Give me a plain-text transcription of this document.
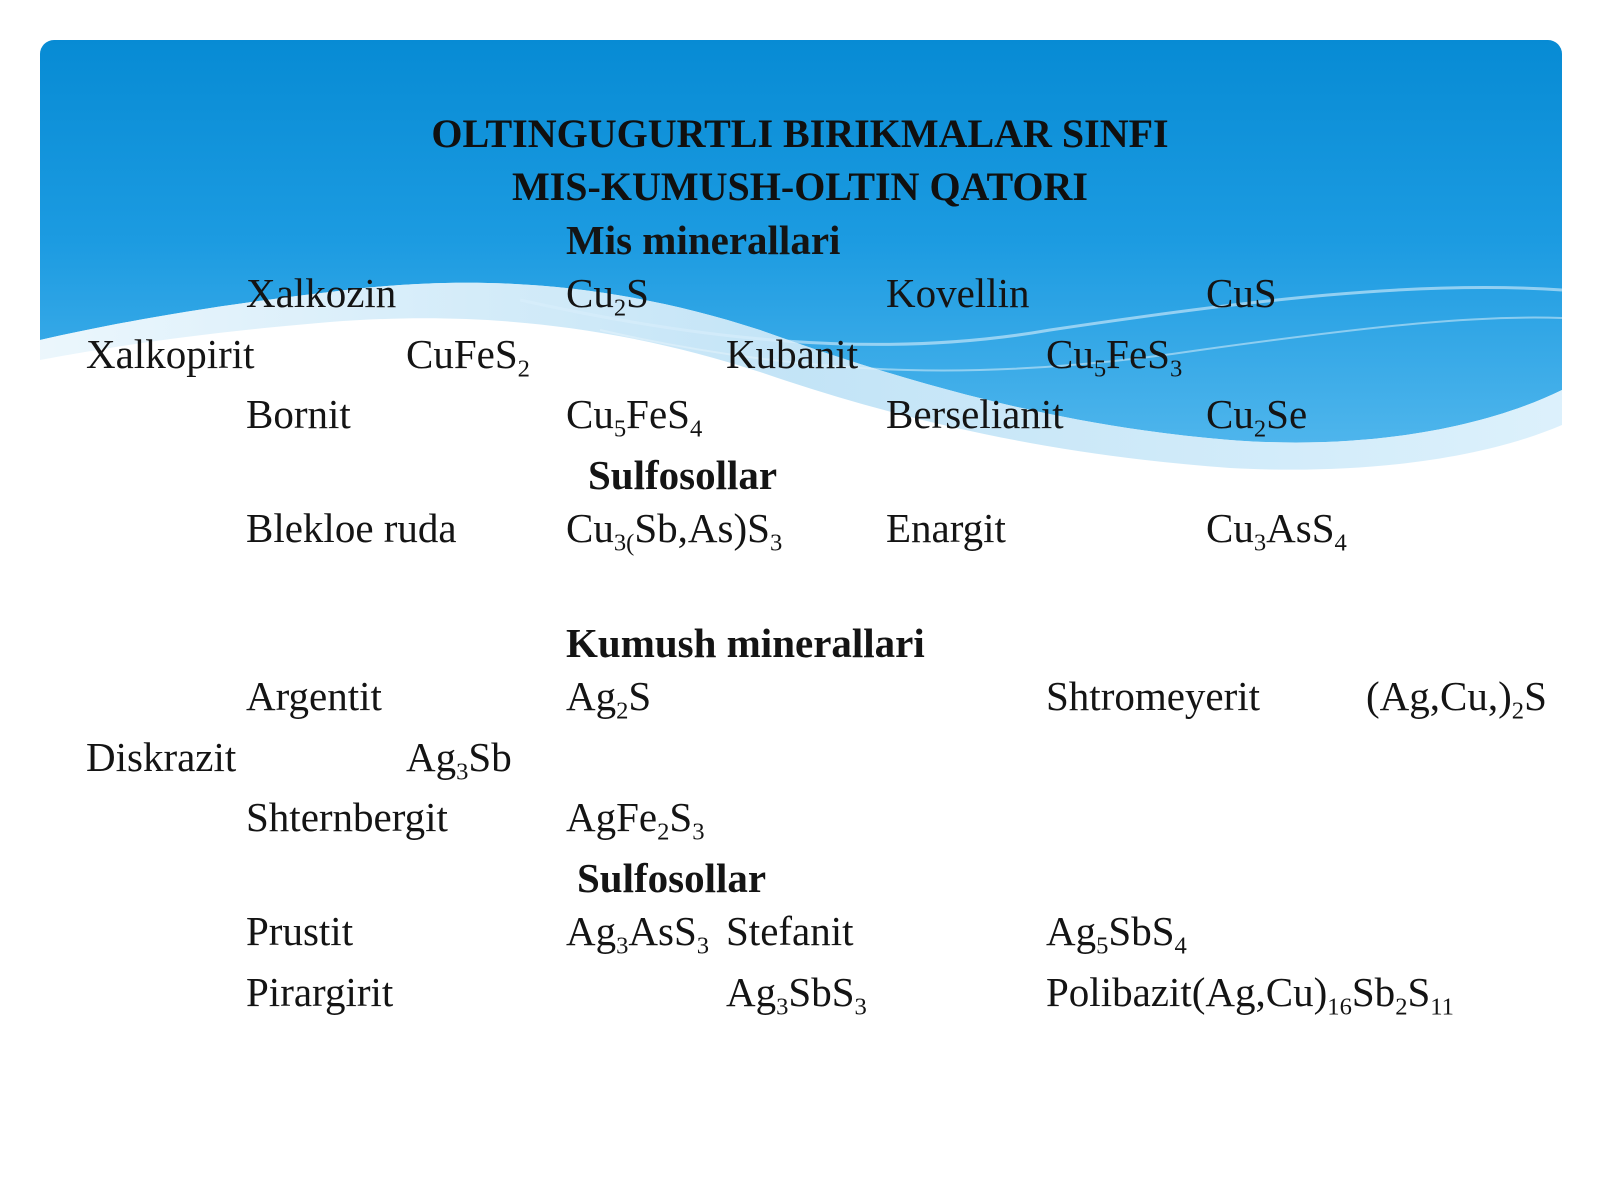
OLTINGUGURTLI BIRIKMALAR SINFI
MIS-KUMUSH-OLTIN QATORI
Mis minerallari
Xalkozin	$Cu_2S$	Kovellin	CuS
Xalkopirit	CuFeS$_2$	Kubanit	$Cu_5FeS_3$
Bornit	$Cu_5FeS_4$	Berselianit	$Cu_2Se$
Sulfosollar
Blekloe ruda	$Cu_{3(}Sb,As)S_3$	Enargit	$Cu_3AsS_4$
Kumush minerallari
Argentit	$Ag_2S$	Shtromeyerit	$(Ag,Cu,)_2S$
Diskrazit	$Ag_3Sb$
Shternbergit	$AgFe_2S_3$
Sulfosollar
Prustit	$Ag_3AsS_3$ Stefanit	$Ag_5SbS_4$
Pirargirit	$Ag_3SbS_3$	$Polibazit(Ag,Cu)_{16}Sb_2S_{11}$
